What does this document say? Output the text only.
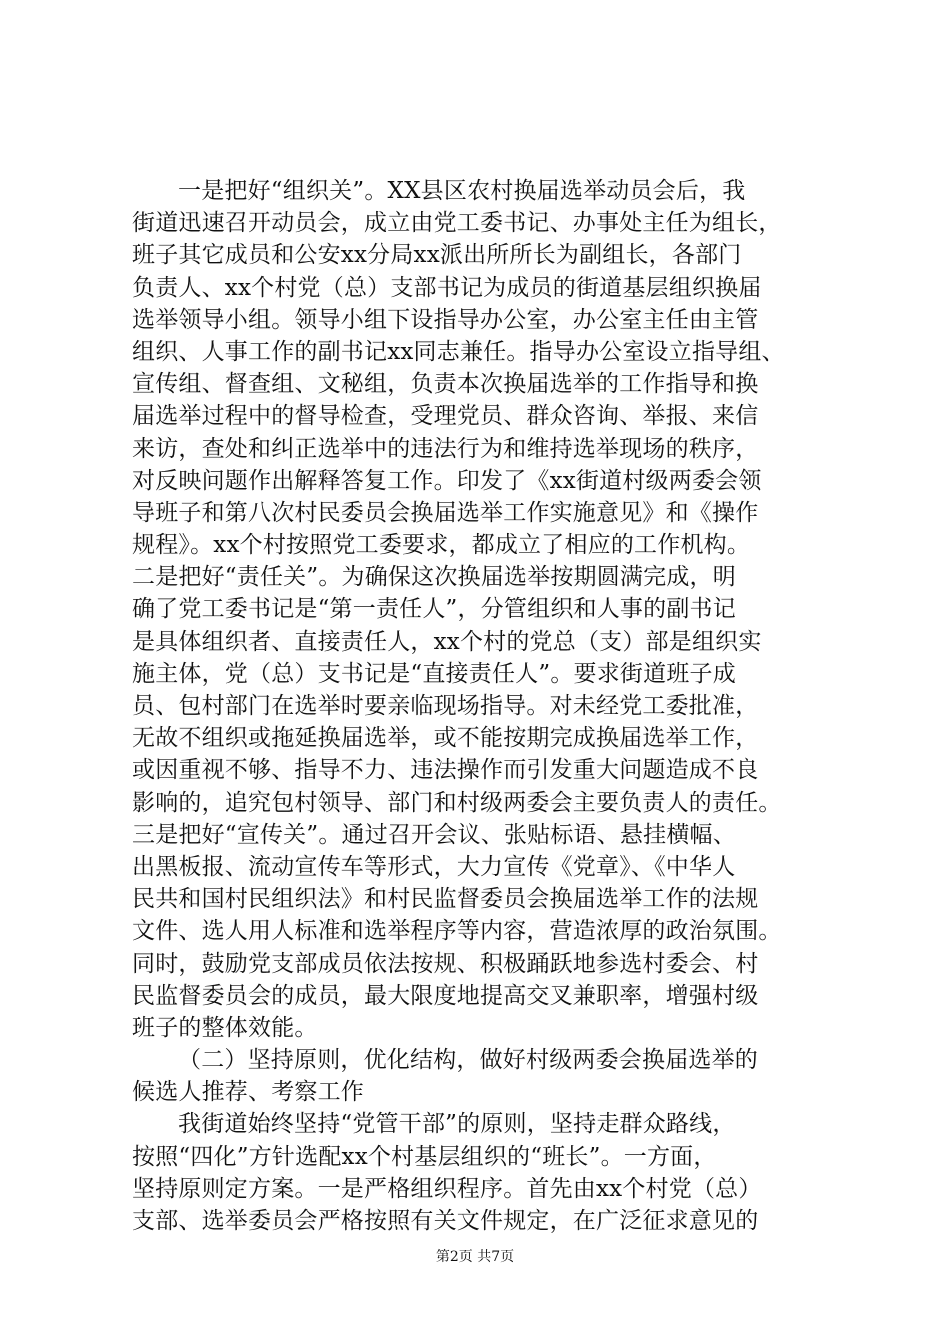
一是把好“组织关”。XX县区农村换届选举动员会后，我
街道迅速召开动员会，成立由党工委书记、办事处主任为组长，
班子其它成员和公安xx分局xx派出所所长为副组长，各部门
负责人、xx个村党（总）支部书记为成员的街道基层组织换届
选举领导小组。领导小组下设指导办公室，办公室主任由主管
组织、人事工作的副书记xx同志兼任。指导办公室设立指导组、
宣传组、督查组、文秘组，负责本次换届选举的工作指导和换
届选举过程中的督导检查，受理党员、群众咨询、举报、来信
来访，查处和纠正选举中的违法行为和维持选举现场的秩序，
对反映问题作出解释答复工作。印发了《xx街道村级两委会领
导班子和第八次村民委员会换届选举工作实施意见》和《操作
规程》。xx个村按照党工委要求，都成立了相应的工作机构。
二是把好“责任关”。为确保这次换届选举按期圆满完成，明
确了党工委书记是“第一责任人”，分管组织和人事的副书记
是具体组织者、直接责任人，xx个村的党总（支）部是组织实
施主体，党（总）支书记是“直接责任人”。要求街道班子成
员、包村部门在选举时要亲临现场指导。对未经党工委批准，
无故不组织或拖延换届选举，或不能按期完成换届选举工作，
或因重视不够、指导不力、违法操作而引发重大问题造成不良
影响的，追究包村领导、部门和村级两委会主要负责人的责任。
三是把好“宣传关”。通过召开会议、张贴标语、悬挂横幅、
出黑板报、流动宣传车等形式，大力宣传《党章》、《中华人
民共和国村民组织法》和村民监督委员会换届选举工作的法规
文件、选人用人标准和选举程序等内容，营造浓厚的政治氛围。
同时，鼓励党支部成员依法按规、积极踊跃地参选村委会、村
民监督委员会的成员，最大限度地提高交叉兼职率，增强村级
班子的整体效能。
（二）坚持原则，优化结构，做好村级两委会换届选举的
候选人推荐、考察工作
我街道始终坚持“党管干部”的原则，坚持走群众路线，
按照“四化”方针选配xx个村基层组织的“班长”。一方面，
坚持原则定方案。一是严格组织程序。首先由xx个村党（总）
支部、选举委员会严格按照有关文件规定，在广泛征求意见的
第2页 共7页
